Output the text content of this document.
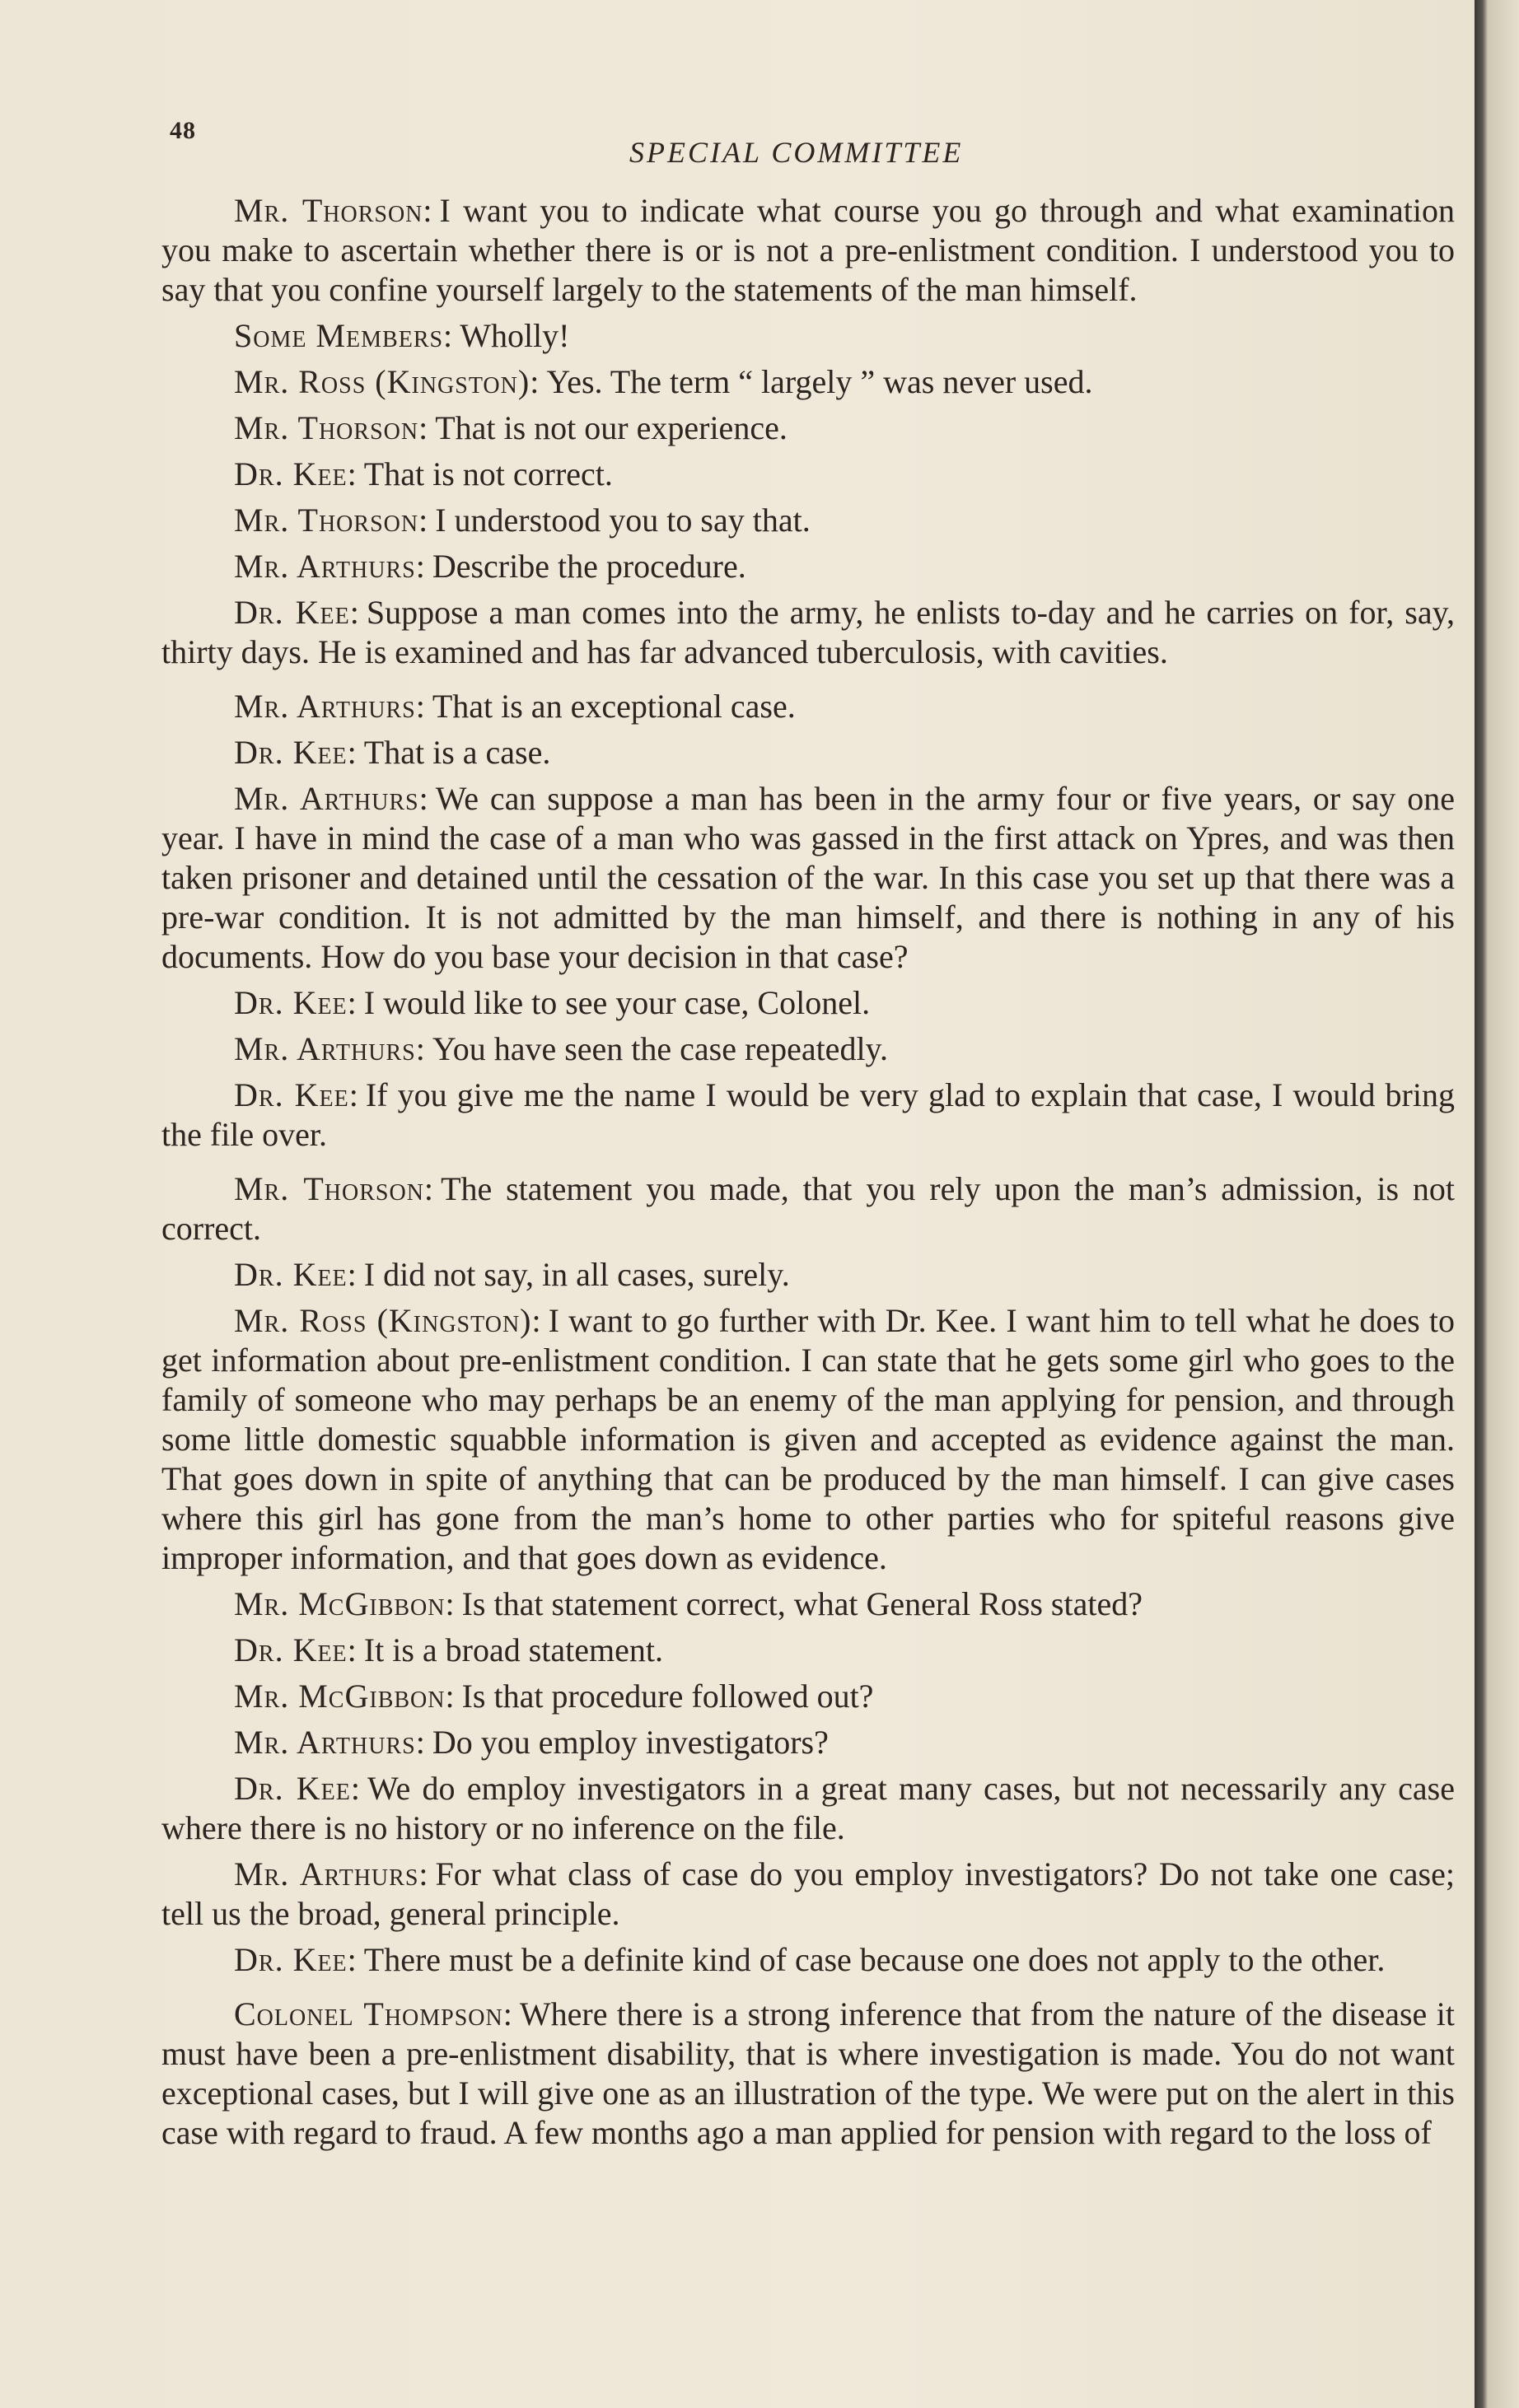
48
SPECIAL COMMITTEE

Mr. Thorson: I want you to indicate what course you go through and what examination you make to ascertain whether there is or is not a pre-enlistment condition. I understood you to say that you confine yourself largely to the statements of the man himself.

Some Members: Wholly!

Mr. Ross (Kingston): Yes. The term “ largely ” was never used.

Mr. Thorson: That is not our experience.

Dr. Kee: That is not correct.

Mr. Thorson: I understood you to say that.

Mr. Arthurs: Describe the procedure.

Dr. Kee: Suppose a man comes into the army, he enlists to-day and he carries on for, say, thirty days. He is examined and has far advanced tuberculosis, with cavities.

Mr. Arthurs: That is an exceptional case.

Dr. Kee: That is a case.

Mr. Arthurs: We can suppose a man has been in the army four or five years, or say one year. I have in mind the case of a man who was gassed in the first attack on Ypres, and was then taken prisoner and detained until the cessation of the war. In this case you set up that there was a pre-war condition. It is not admitted by the man himself, and there is nothing in any of his documents. How do you base your decision in that case?

Dr. Kee: I would like to see your case, Colonel.

Mr. Arthurs: You have seen the case repeatedly.

Dr. Kee: If you give me the name I would be very glad to explain that case, I would bring the file over.

Mr. Thorson: The statement you made, that you rely upon the man’s admission, is not correct.

Dr. Kee: I did not say, in all cases, surely.

Mr. Ross (Kingston): I want to go further with Dr. Kee. I want him to tell what he does to get information about pre-enlistment condition. I can state that he gets some girl who goes to the family of someone who may perhaps be an enemy of the man applying for pension, and through some little domestic squabble information is given and accepted as evidence against the man. That goes down in spite of anything that can be produced by the man himself. I can give cases where this girl has gone from the man’s home to other parties who for spiteful reasons give improper information, and that goes down as evidence.

Mr. McGibbon: Is that statement correct, what General Ross stated?

Dr. Kee: It is a broad statement.

Mr. McGibbon: Is that procedure followed out?

Mr. Arthurs: Do you employ investigators?

Dr. Kee: We do employ investigators in a great many cases, but not necessarily any case where there is no history or no inference on the file.

Mr. Arthurs: For what class of case do you employ investigators? Do not take one case; tell us the broad, general principle.

Dr. Kee: There must be a definite kind of case because one does not apply to the other.

Colonel Thompson: Where there is a strong inference that from the nature of the disease it must have been a pre-enlistment disability, that is where investigation is made. You do not want exceptional cases, but I will give one as an illustration of the type. We were put on the alert in this case with regard to fraud. A few months ago a man applied for pension with regard to the loss of
